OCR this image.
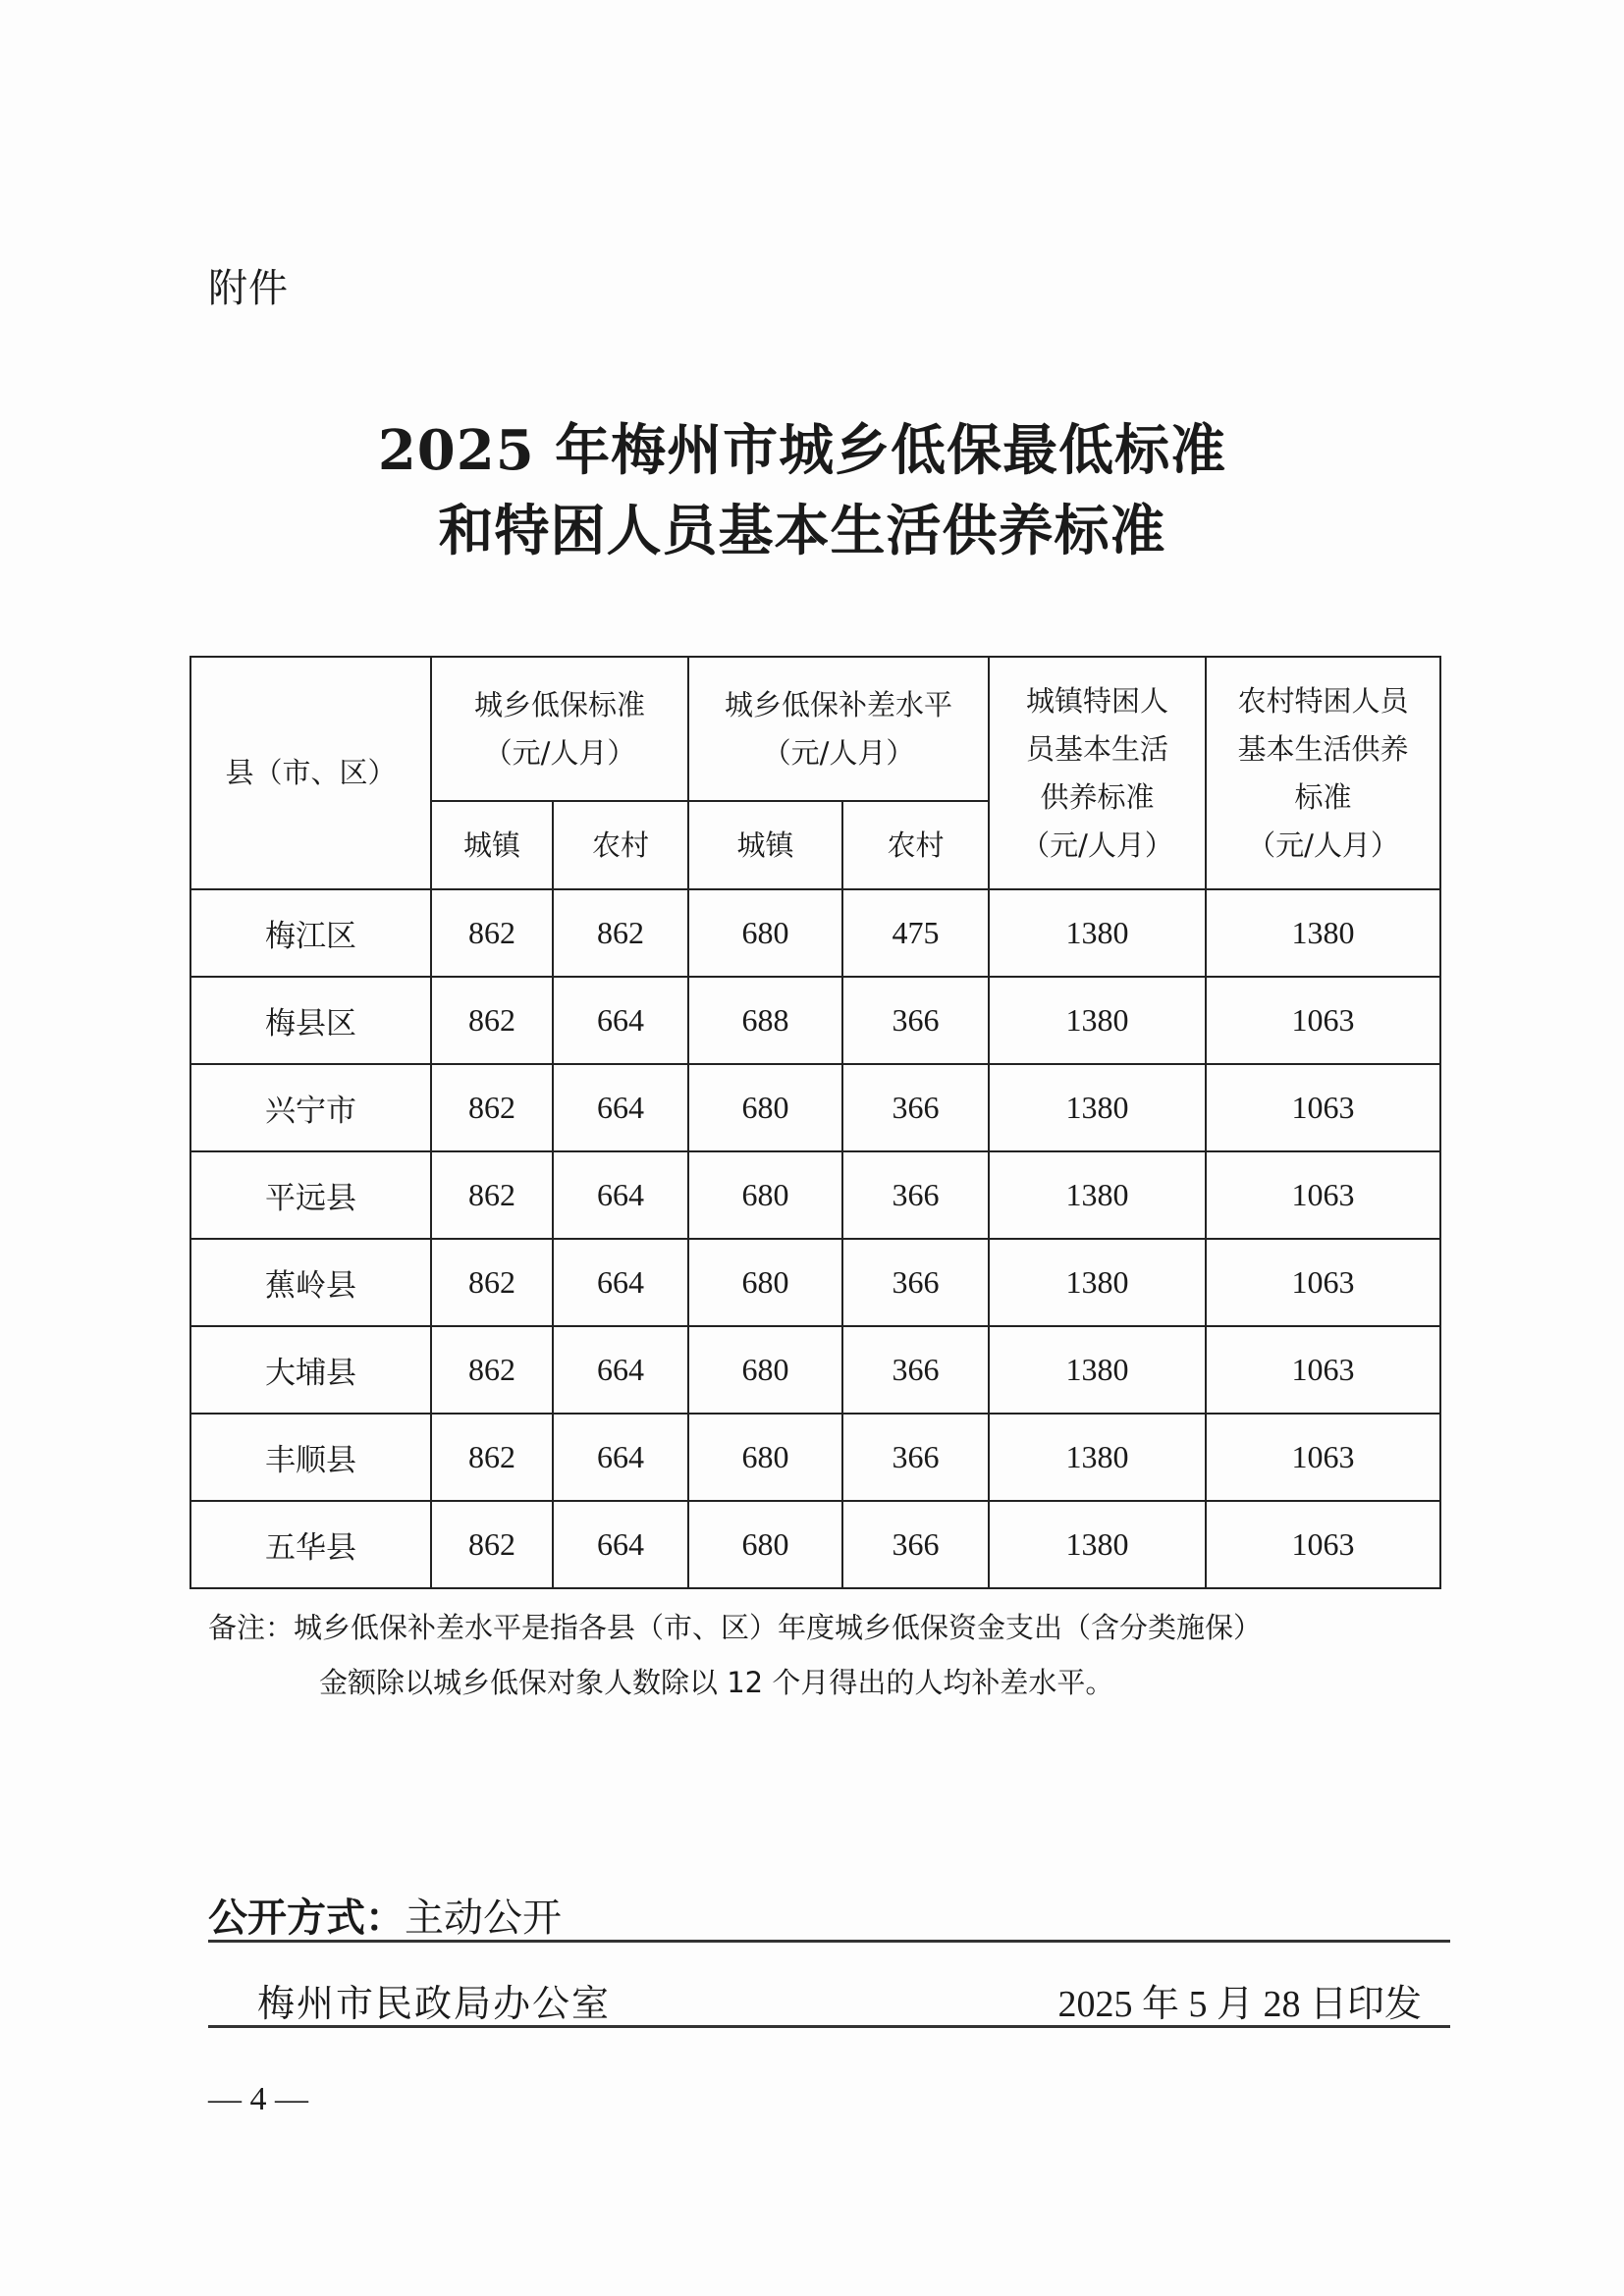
附件
2025 年梅州市城乡低保最低标准
和特困人员基本生活供养标准
县（市、区）	
城乡低保标准
（元/人月）

城乡低保补差水平
（元/人月）

城镇特困人
员基本生活
供养标准
（元/人月）

农村特困人员
基本生活供养
标准
（元/人月）

	城镇	农村	城镇	农村		
梅江区	862	862	680	475	1380	1380
梅县区	862	664	688	366	1380	1063
兴宁市	862	664	680	366	1380	1063
平远县	862	664	680	366	1380	1063
蕉岭县	862	664	680	366	1380	1063
大埔县	862	664	680	366	1380	1063
丰顺县	862	664	680	366	1380	1063
五华县	862	664	680	366	1380	1063
备注：城乡低保补差水平是指各县（市、区）年度城乡低保资金支出（含分类施保）
金额除以城乡低保对象人数除以 12 个月得出的人均补差水平。
公开方式：主动公开
梅州市民政局办公室	2025 年 5 月 28 日印发
— 4 —
